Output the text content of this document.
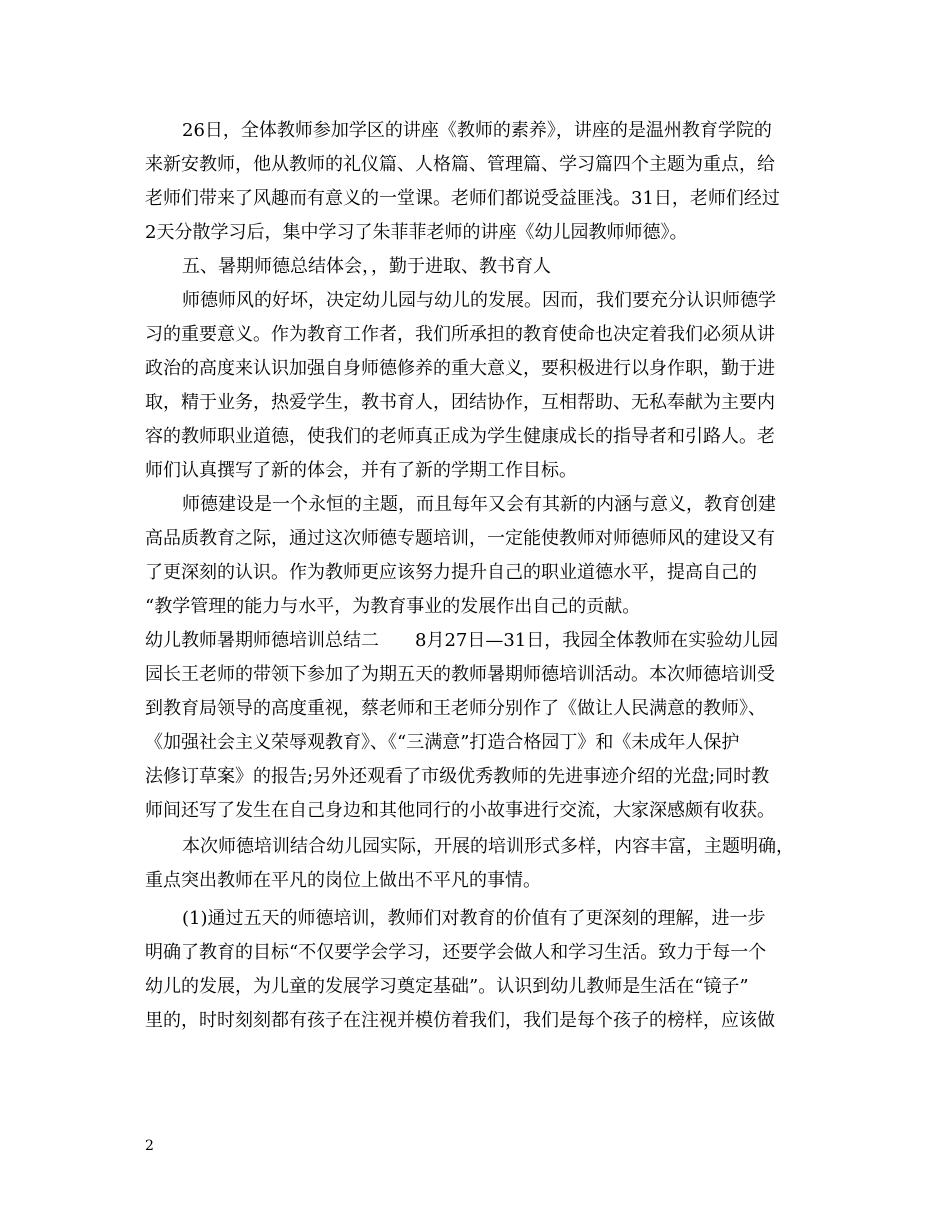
26日，全体教师参加学区的讲座《教师的素养》，讲座的是温州教育学院的
来新安教师，他从教师的礼仪篇、人格篇、管理篇、学习篇四个主题为重点，给
老师们带来了风趣而有意义的一堂课。老师们都说受益匪浅。31日，老师们经过
2天分散学习后，集中学习了朱菲菲老师的讲座《幼儿园教师师德》。
五、暑期师德总结体会，，勤于进取、教书育人
师德师风的好坏，决定幼儿园与幼儿的发展。因而，我们要充分认识师德学
习的重要意义。作为教育工作者，我们所承担的教育使命也决定着我们必须从讲
政治的高度来认识加强自身师德修养的重大意义，要积极进行以身作职，勤于进
取，精于业务，热爱学生，教书育人，团结协作，互相帮助、无私奉献为主要内
容的教师职业道德，使我们的老师真正成为学生健康成长的指导者和引路人。老
师们认真撰写了新的体会，并有了新的学期工作目标。
师德建设是一个永恒的主题，而且每年又会有其新的内涵与意义，教育创建
高品质教育之际，通过这次师德专题培训，一定能使教师对师德师风的建设又有
了更深刻的认识。作为教师更应该努力提升自己的职业道德水平，提高自己的
“教学管理的能力与水平，为教育事业的发展作出自己的贡献。
幼儿教师暑期师德培训总结二　　8月27日—31日，我园全体教师在实验幼儿园
园长王老师的带领下参加了为期五天的教师暑期师德培训活动。本次师德培训受
到教育局领导的高度重视，蔡老师和王老师分别作了《做让人民满意的教师》、
《加强社会主义荣辱观教育》、《“三满意”打造合格园丁》和《未成年人保护
法修订草案》的报告;另外还观看了市级优秀教师的先进事迹介绍的光盘;同时教
师间还写了发生在自己身边和其他同行的小故事进行交流，大家深感颇有收获。
本次师德培训结合幼儿园实际，开展的培训形式多样，内容丰富，主题明确，
重点突出教师在平凡的岗位上做出不平凡的事情。
(1)通过五天的师德培训，教师们对教育的价值有了更深刻的理解，进一步
明确了教育的目标“不仅要学会学习，还要学会做人和学习生活。致力于每一个
幼儿的发展，为儿童的发展学习奠定基础”。认识到幼儿教师是生活在“镜子”
里的，时时刻刻都有孩子在注视并模仿着我们，我们是每个孩子的榜样，应该做
2
